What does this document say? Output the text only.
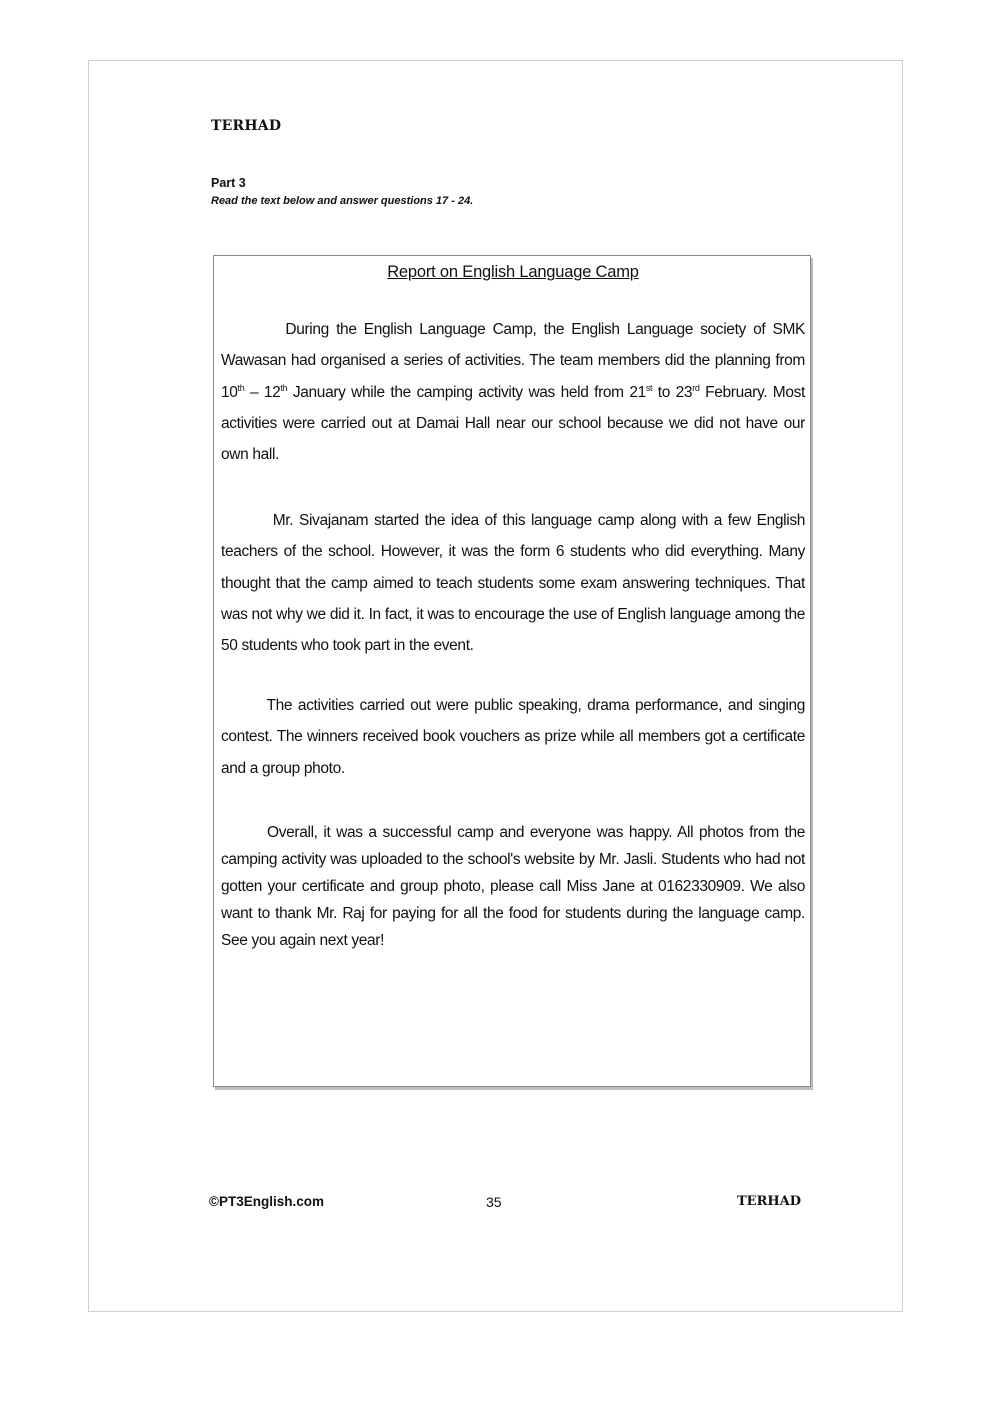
TERHAD
Part 3
Read the text below and answer questions 17 - 24.
Report on English Language Camp

During the English Language Camp, the English Language society of SMK Wawasan had organised a series of activities. The team members did the planning from 10th – 12th January while the camping activity was held from 21st to 23rd February. Most activities were carried out at Damai Hall near our school because we did not have our own hall.

Mr. Sivajanam started the idea of this language camp along with a few English teachers of the school. However, it was the form 6 students who did everything. Many thought that the camp aimed to teach students some exam answering techniques. That was not why we did it. In fact, it was to encourage the use of English language among the 50 students who took part in the event.

The activities carried out were public speaking, drama performance, and singing contest. The winners received book vouchers as prize while all members got a certificate and a group photo.

Overall, it was a successful camp and everyone was happy. All photos from the camping activity was uploaded to the school's website by Mr. Jasli. Students who had not gotten your certificate and group photo, please call Miss Jane at 0162330909. We also want to thank Mr. Raj for paying for all the food for students during the language camp. See you again next year!

©PT3English.com	35	TERHAD
